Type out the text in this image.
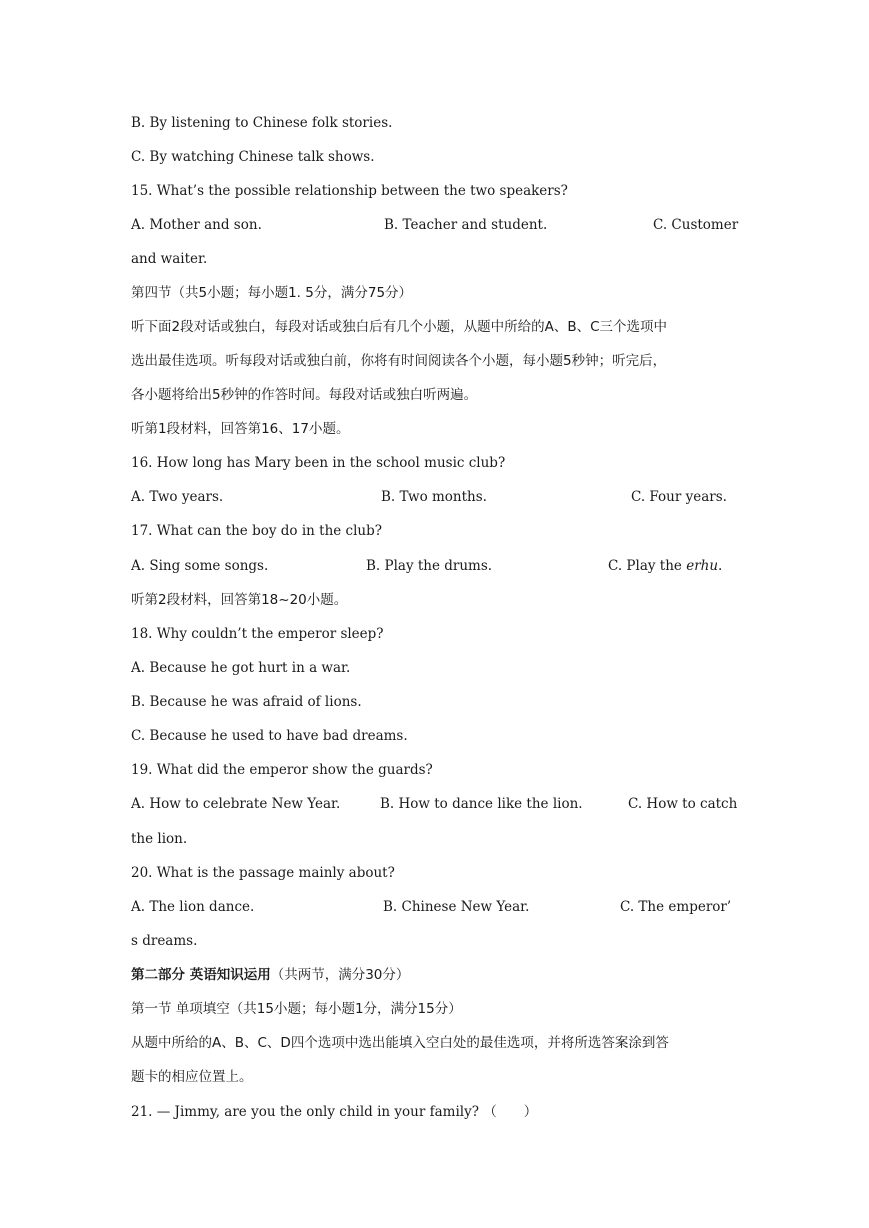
B. By listening to Chinese folk stories.
C. By watching Chinese talk shows.
15. What’s the possible relationship between the two speakers?
A. Mother and son.	B. Teacher and student.	C. Customer
and waiter.
第四节（共5小题；每小题1. 5分，满分75分）
听下面2段对话或独白，每段对话或独白后有几个小题，从题中所给的A、B、C三个选项中
选出最佳选项。听每段对话或独白前，你将有时间阅读各个小题，每小题5秒钟；听完后，
各小题将给出5秒钟的作答时间。每段对话或独白听两遍。
听第1段材料，回答第16、17小题。
16. How long has Mary been in the school music club?
A. Two years.	B. Two months.	C. Four years.
17. What can the boy do in the club?
A. Sing some songs.	B. Play the drums.	C. Play the erhu.
听第2段材料，回答第18~20小题。
18. Why couldn’t the emperor sleep?
A. Because he got hurt in a war.
B. Because he was afraid of lions.
C. Because he used to have bad dreams.
19. What did the emperor show the guards?
A. How to celebrate New Year.	B. How to dance like the lion.	C. How to catch
the lion.
20. What is the passage mainly about?
A. The lion dance.	B. Chinese New Year.	C. The emperor’
s dreams.
第二部分 英语知识运用（共两节，满分30分）
第一节 单项填空（共15小题；每小题1分，满分15分）
从题中所给的A、B、C、D四个选项中选出能填入空白处的最佳选项，并将所选答案涂到答
题卡的相应位置上。
21. — Jimmy, are you the only child in your family? （　　）
